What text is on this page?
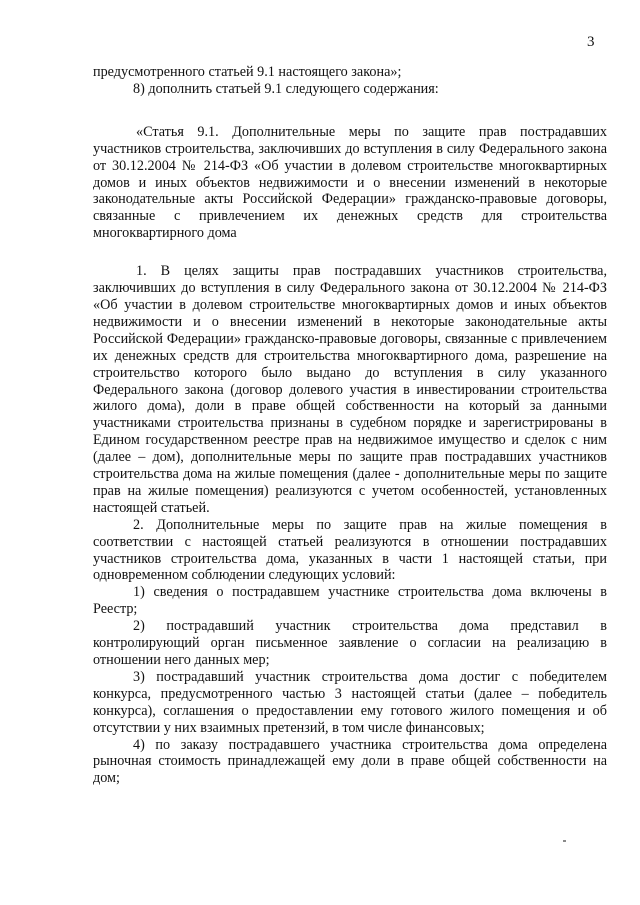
3

предусмотренного статьей 9.1 настоящего закона»;

8) дополнить статьей 9.1 следующего содержания:

«Статья 9.1. Дополнительные меры по защите прав пострадавших участников строительства, заключивших до вступления в силу Федерального закона от 30.12.2004 № 214-ФЗ «Об участии в долевом строительстве многоквартирных домов и иных объектов недвижимости и о внесении изменений в некоторые законодательные акты Российской Федерации» гражданско-правовые договоры, связанные с привлечением их денежных средств для строительства многоквартирного дома

1. В целях защиты прав пострадавших участников строительства, заключивших до вступления в силу Федерального закона от 30.12.2004 № 214-ФЗ «Об участии в долевом строительстве многоквартирных домов и иных объектов недвижимости и о внесении изменений в некоторые законодательные акты Российской Федерации» гражданско-правовые договоры, связанные с привлечением их денежных средств для строительства многоквартирного дома, разрешение на строительство которого было выдано до вступления в силу указанного Федерального закона (договор долевого участия в инвестировании строительства жилого дома), доли в праве общей собственности на который за данными участниками строительства признаны в судебном порядке и зарегистрированы в Едином государственном реестре прав на недвижимое имущество и сделок с ним (далее – дом), дополнительные меры по защите прав пострадавших участников строительства дома на жилые помещения (далее - дополнительные меры по защите прав на жилые помещения) реализуются с учетом особенностей, установленных настоящей статьей.

2. Дополнительные меры по защите прав на жилые помещения в соответствии с настоящей статьей реализуются в отношении пострадавших участников строительства дома, указанных в части 1 настоящей статьи, при одновременном соблюдении следующих условий:

1) сведения о пострадавшем участнике строительства дома включены в Реестр;

2) пострадавший участник строительства дома представил в контролирующий орган письменное заявление о согласии на реализацию в отношении него данных мер;

3) пострадавший участник строительства дома достиг с победителем конкурса, предусмотренного частью 3 настоящей статьи (далее – победитель конкурса), соглашения о предоставлении ему готового жилого помещения и об отсутствии у них взаимных претензий, в том числе финансовых;

4) по заказу пострадавшего участника строительства дома определена рыночная стоимость принадлежащей ему доли в праве общей собственности на дом;
